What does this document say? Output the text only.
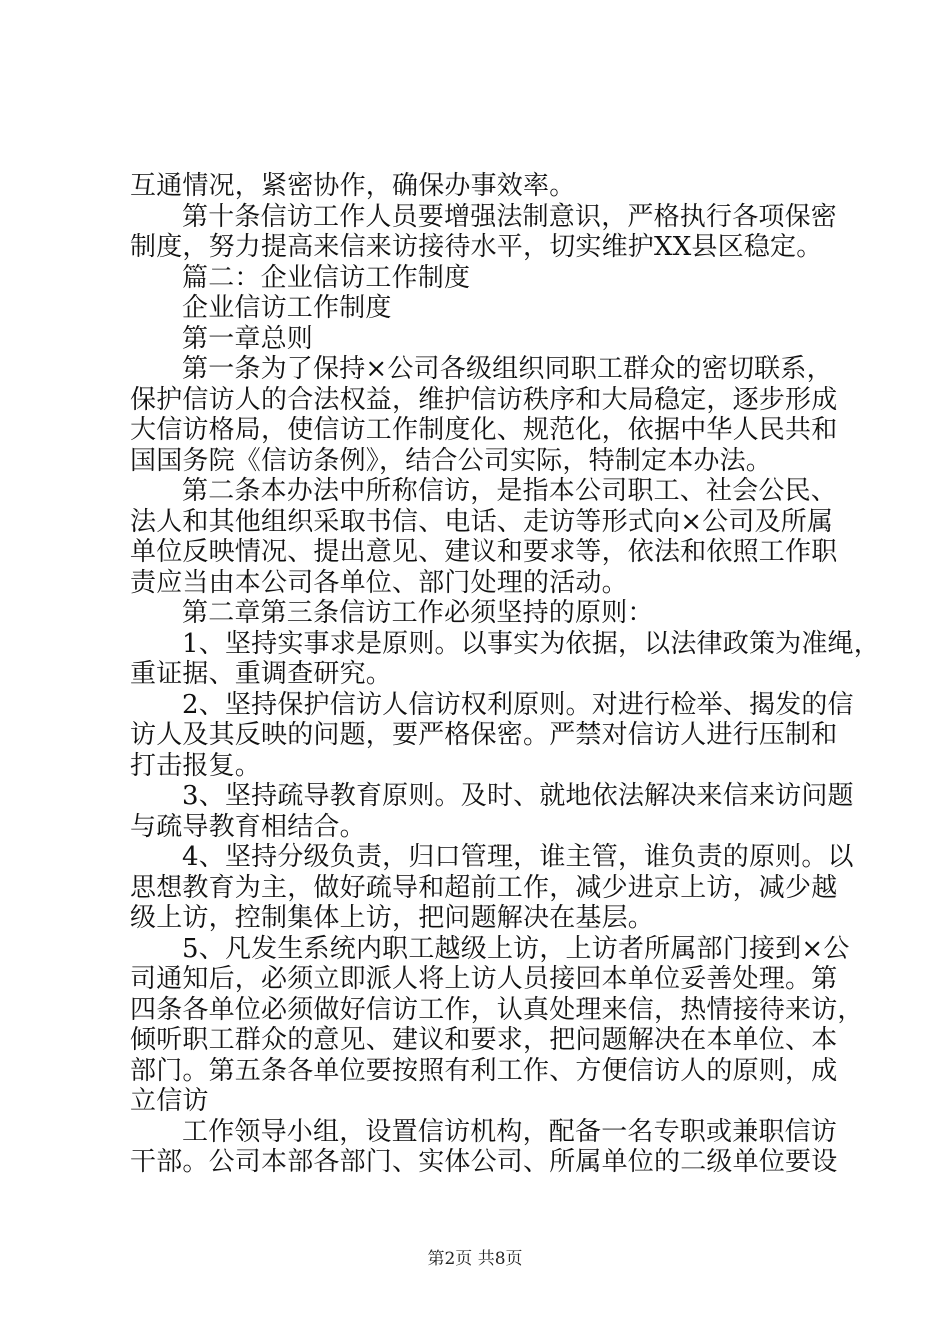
互通情况，紧密协作，确保办事效率。
第十条信访工作人员要增强法制意识，严格执行各项保密
制度，努力提高来信来访接待水平，切实维护XX县区稳定。
篇二：企业信访工作制度
企业信访工作制度
第一章总则
第一条为了保持×公司各级组织同职工群众的密切联系，
保护信访人的合法权益，维护信访秩序和大局稳定，逐步形成
大信访格局，使信访工作制度化、规范化，依据中华人民共和
国国务院《信访条例》，结合公司实际，特制定本办法。
第二条本办法中所称信访，是指本公司职工、社会公民、
法人和其他组织采取书信、电话、走访等形式向×公司及所属
单位反映情况、提出意见、建议和要求等，依法和依照工作职
责应当由本公司各单位、部门处理的活动。
第二章第三条信访工作必须坚持的原则：
1、坚持实事求是原则。以事实为依据，以法律政策为准绳，
重证据、重调查研究。
2、坚持保护信访人信访权利原则。对进行检举、揭发的信
访人及其反映的问题，要严格保密。严禁对信访人进行压制和
打击报复。
3、坚持疏导教育原则。及时、就地依法解决来信来访问题
与疏导教育相结合。
4、坚持分级负责，归口管理，谁主管，谁负责的原则。以
思想教育为主，做好疏导和超前工作，减少进京上访，减少越
级上访，控制集体上访，把问题解决在基层。
5、凡发生系统内职工越级上访，上访者所属部门接到×公
司通知后，必须立即派人将上访人员接回本单位妥善处理。第
四条各单位必须做好信访工作，认真处理来信，热情接待来访，
倾听职工群众的意见、建议和要求，把问题解决在本单位、本
部门。第五条各单位要按照有利工作、方便信访人的原则，成
立信访
工作领导小组，设置信访机构，配备一名专职或兼职信访
干部。公司本部各部门、实体公司、所属单位的二级单位要设
第2页 共8页
